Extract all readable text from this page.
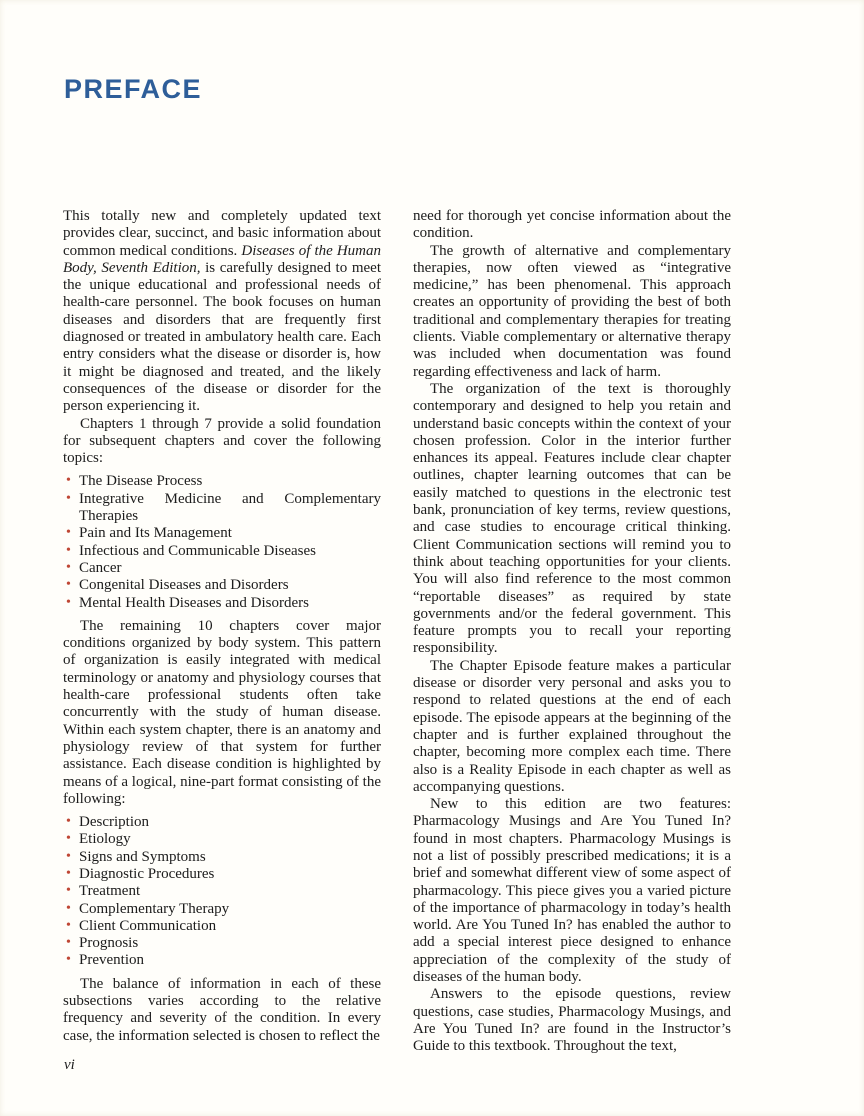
PREFACE

This totally new and completely updated text provides clear, succinct, and basic information about common medical conditions. Diseases of the Human Body, Seventh Edition, is carefully designed to meet the unique educational and professional needs of health-care personnel. The book focuses on human diseases and disorders that are frequently first diagnosed or treated in ambulatory health care. Each entry considers what the disease or disorder is, how it might be diagnosed and treated, and the likely consequences of the disease or disorder for the person experiencing it.

Chapters 1 through 7 provide a solid foundation for subsequent chapters and cover the following topics:

• The Disease Process
• Integrative Medicine and Complementary Therapies
• Pain and Its Management
• Infectious and Communicable Diseases
• Cancer
• Congenital Diseases and Disorders
• Mental Health Diseases and Disorders

The remaining 10 chapters cover major conditions organized by body system. This pattern of organization is easily integrated with medical terminology or anatomy and physiology courses that health-care professional students often take concurrently with the study of human disease. Within each system chapter, there is an anatomy and physiology review of that system for further assistance. Each disease condition is highlighted by means of a logical, nine-part format consisting of the following:

• Description
• Etiology
• Signs and Symptoms
• Diagnostic Procedures
• Treatment
• Complementary Therapy
• Client Communication
• Prognosis
• Prevention

The balance of information in each of these subsections varies according to the relative frequency and severity of the condition. In every case, the information selected is chosen to reflect the

need for thorough yet concise information about the condition.

The growth of alternative and complementary therapies, now often viewed as “integrative medicine,” has been phenomenal. This approach creates an opportunity of providing the best of both traditional and complementary therapies for treating clients. Viable complementary or alternative therapy was included when documentation was found regarding effectiveness and lack of harm.

The organization of the text is thoroughly contemporary and designed to help you retain and understand basic concepts within the context of your chosen profession. Color in the interior further enhances its appeal. Features include clear chapter outlines, chapter learning outcomes that can be easily matched to questions in the electronic test bank, pronunciation of key terms, review questions, and case studies to encourage critical thinking. Client Communication sections will remind you to think about teaching opportunities for your clients. You will also find reference to the most common “reportable diseases” as required by state governments and/or the federal government. This feature prompts you to recall your reporting responsibility.

The Chapter Episode feature makes a particular disease or disorder very personal and asks you to respond to related questions at the end of each episode. The episode appears at the beginning of the chapter and is further explained throughout the chapter, becoming more complex each time. There also is a Reality Episode in each chapter as well as accompanying questions.

New to this edition are two features: Pharmacology Musings and Are You Tuned In? found in most chapters. Pharmacology Musings is not a list of possibly prescribed medications; it is a brief and somewhat different view of some aspect of pharmacology. This piece gives you a varied picture of the importance of pharmacology in today’s health world. Are You Tuned In? has enabled the author to add a special interest piece designed to enhance appreciation of the complexity of the study of diseases of the human body.

Answers to the episode questions, review questions, case studies, Pharmacology Musings, and Are You Tuned In? are found in the Instructor’s Guide to this textbook. Throughout the text,

vi
